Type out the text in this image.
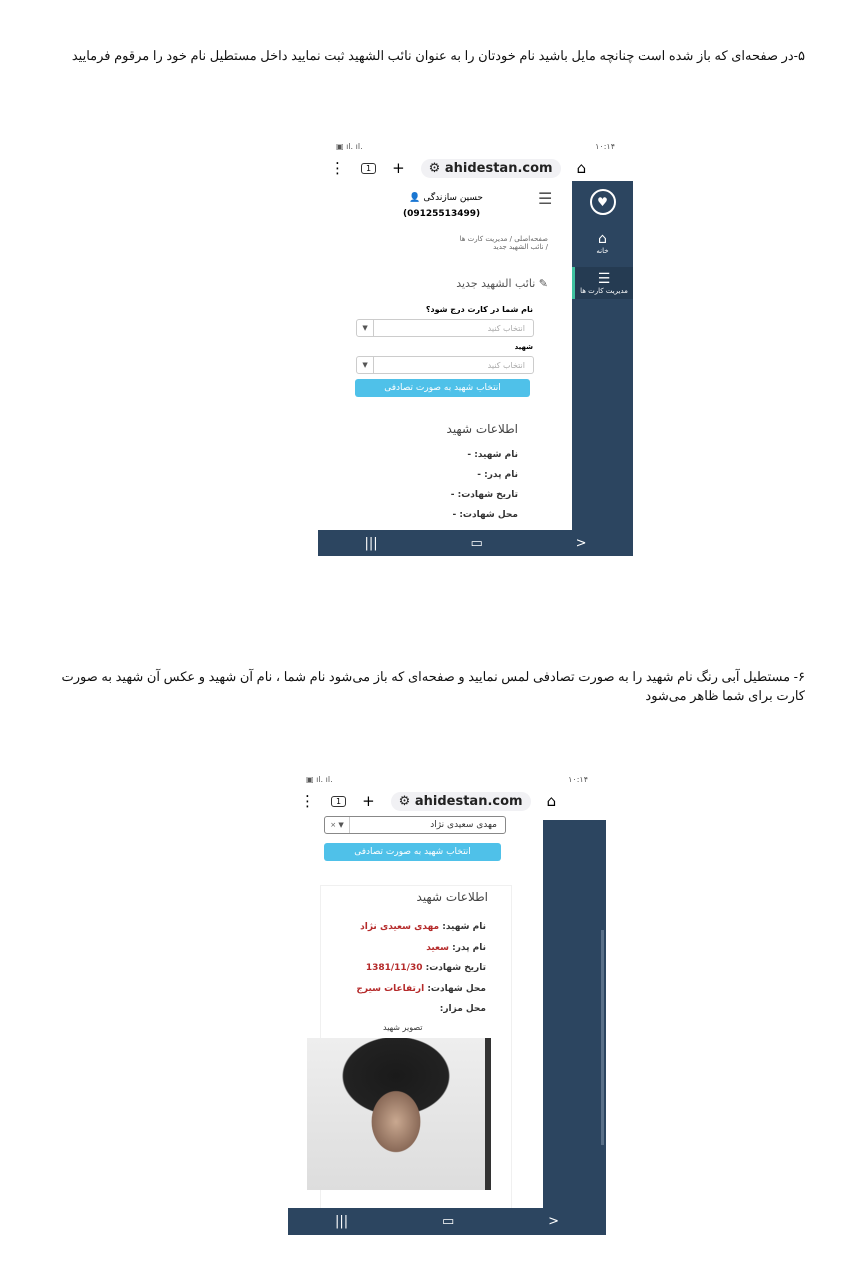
۵-در صفحه‌ای که باز شده است چنانچه مایل باشید نام خودتان را به عنوان نائب الشهید ثبت نمایید داخل مستطیل نام خود را مرقوم فرمایید
▣ ıl. ıl.	۱۰:۱۴
⋮	1	+	⚙ ahidestan.com	⌂
♥
⌂
خانه
☰
مدیریت کارت ها
☰
حسین سازندگی 👤
(09125513499)
صفحه‌اصلی / مدیریت کارت ها
/ نائب الشهید جدید
✎ نائب الشهید جدید
نام شما در کارت درج شود؟
انتخاب کنید
▼
شهید
انتخاب کنید
▼
انتخاب شهید به صورت تصادفی
اطلاعات شهید
نام شهید: -
نام پدر: -
تاریخ شهادت: -
محل شهادت: -
|||	▭	>
۶- مستطیل آبی رنگ نام شهید را به صورت تصادفی لمس نمایید و صفحه‌ای که باز می‌شود نام شما ، نام آن شهید و عکس آن شهید به صورت کارت برای شما ظاهر می‌شود
▣ ıl. ıl.	۱۰:۱۴
⋮	1	+	⚙ ahidestan.com	⌂
مهدی سعیدی نژاد
▼ ×
انتخاب شهید به صورت تصادفی
اطلاعات شهید
نام شهید: مهدی سعیدی نژاد
نام پدر: سعید
تاریخ شهادت: 1381/11/30
محل شهادت: ارتفاعات سیرج
محل مزار:
تصویر شهید
|||	▭	>
